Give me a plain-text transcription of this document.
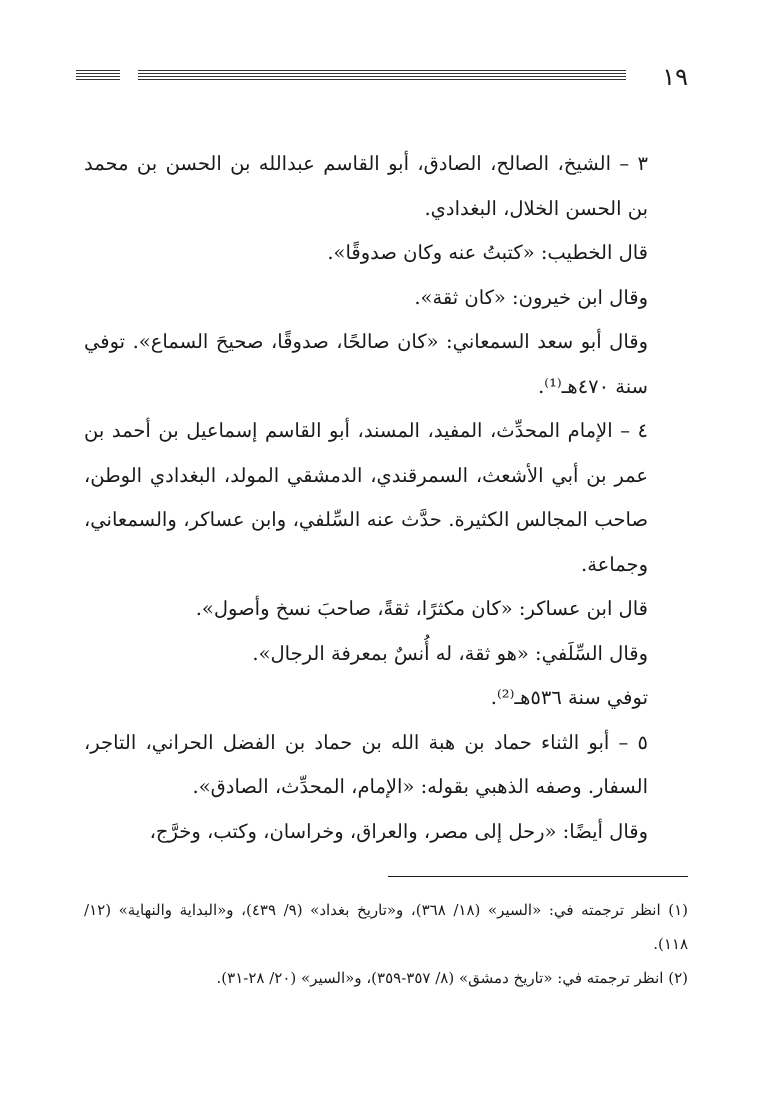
١٩

٣ – الشيخ، الصالح، الصادق، أبو القاسم عبدالله بن الحسن بن محمد بن الحسن الخلال، البغدادي.

قال الخطيب: «كتبتُ عنه وكان صدوقًا».

وقال ابن خيرون: «كان ثقة».

وقال أبو سعد السمعاني: «كان صالحًا، صدوقًا، صحيحَ السماع». توفي سنة ٤٧٠هـ⁽¹⁾.

٤ – الإمام المحدِّث، المفيد، المسند، أبو القاسم إسماعيل بن أحمد بن عمر بن أبي الأشعث، السمرقندي، الدمشقي المولد، البغدادي الوطن، صاحب المجالس الكثيرة. حدَّث عنه السِّلفي، وابن عساكر، والسمعاني، وجماعة.

قال ابن عساكر: «كان مكثرًا، ثقةً، صاحبَ نسخ وأصول».

وقال السِّلَفي: «هو ثقة، له أُنسٌ بمعرفة الرجال».

توفي سنة ٥٣٦هـ⁽²⁾.

٥ – أبو الثناء حماد بن هبة الله بن حماد بن الفضل الحراني، التاجر، السفار. وصفه الذهبي بقوله: «الإمام، المحدِّث، الصادق».

وقال أيضًا: «رحل إلى مصر، والعراق، وخراسان، وكتب، وخرَّج،

(١) انظر ترجمته في: «السير» (١٨/ ٣٦٨)، و«تاريخ بغداد» (٩/ ٤٣٩)، و«البداية والنهاية» (١٢/ ١١٨).

(٢) انظر ترجمته في: «تاريخ دمشق» (٨/ ٣٥٧-٣٥٩)، و«السير» (٢٠/ ٢٨-٣١).
